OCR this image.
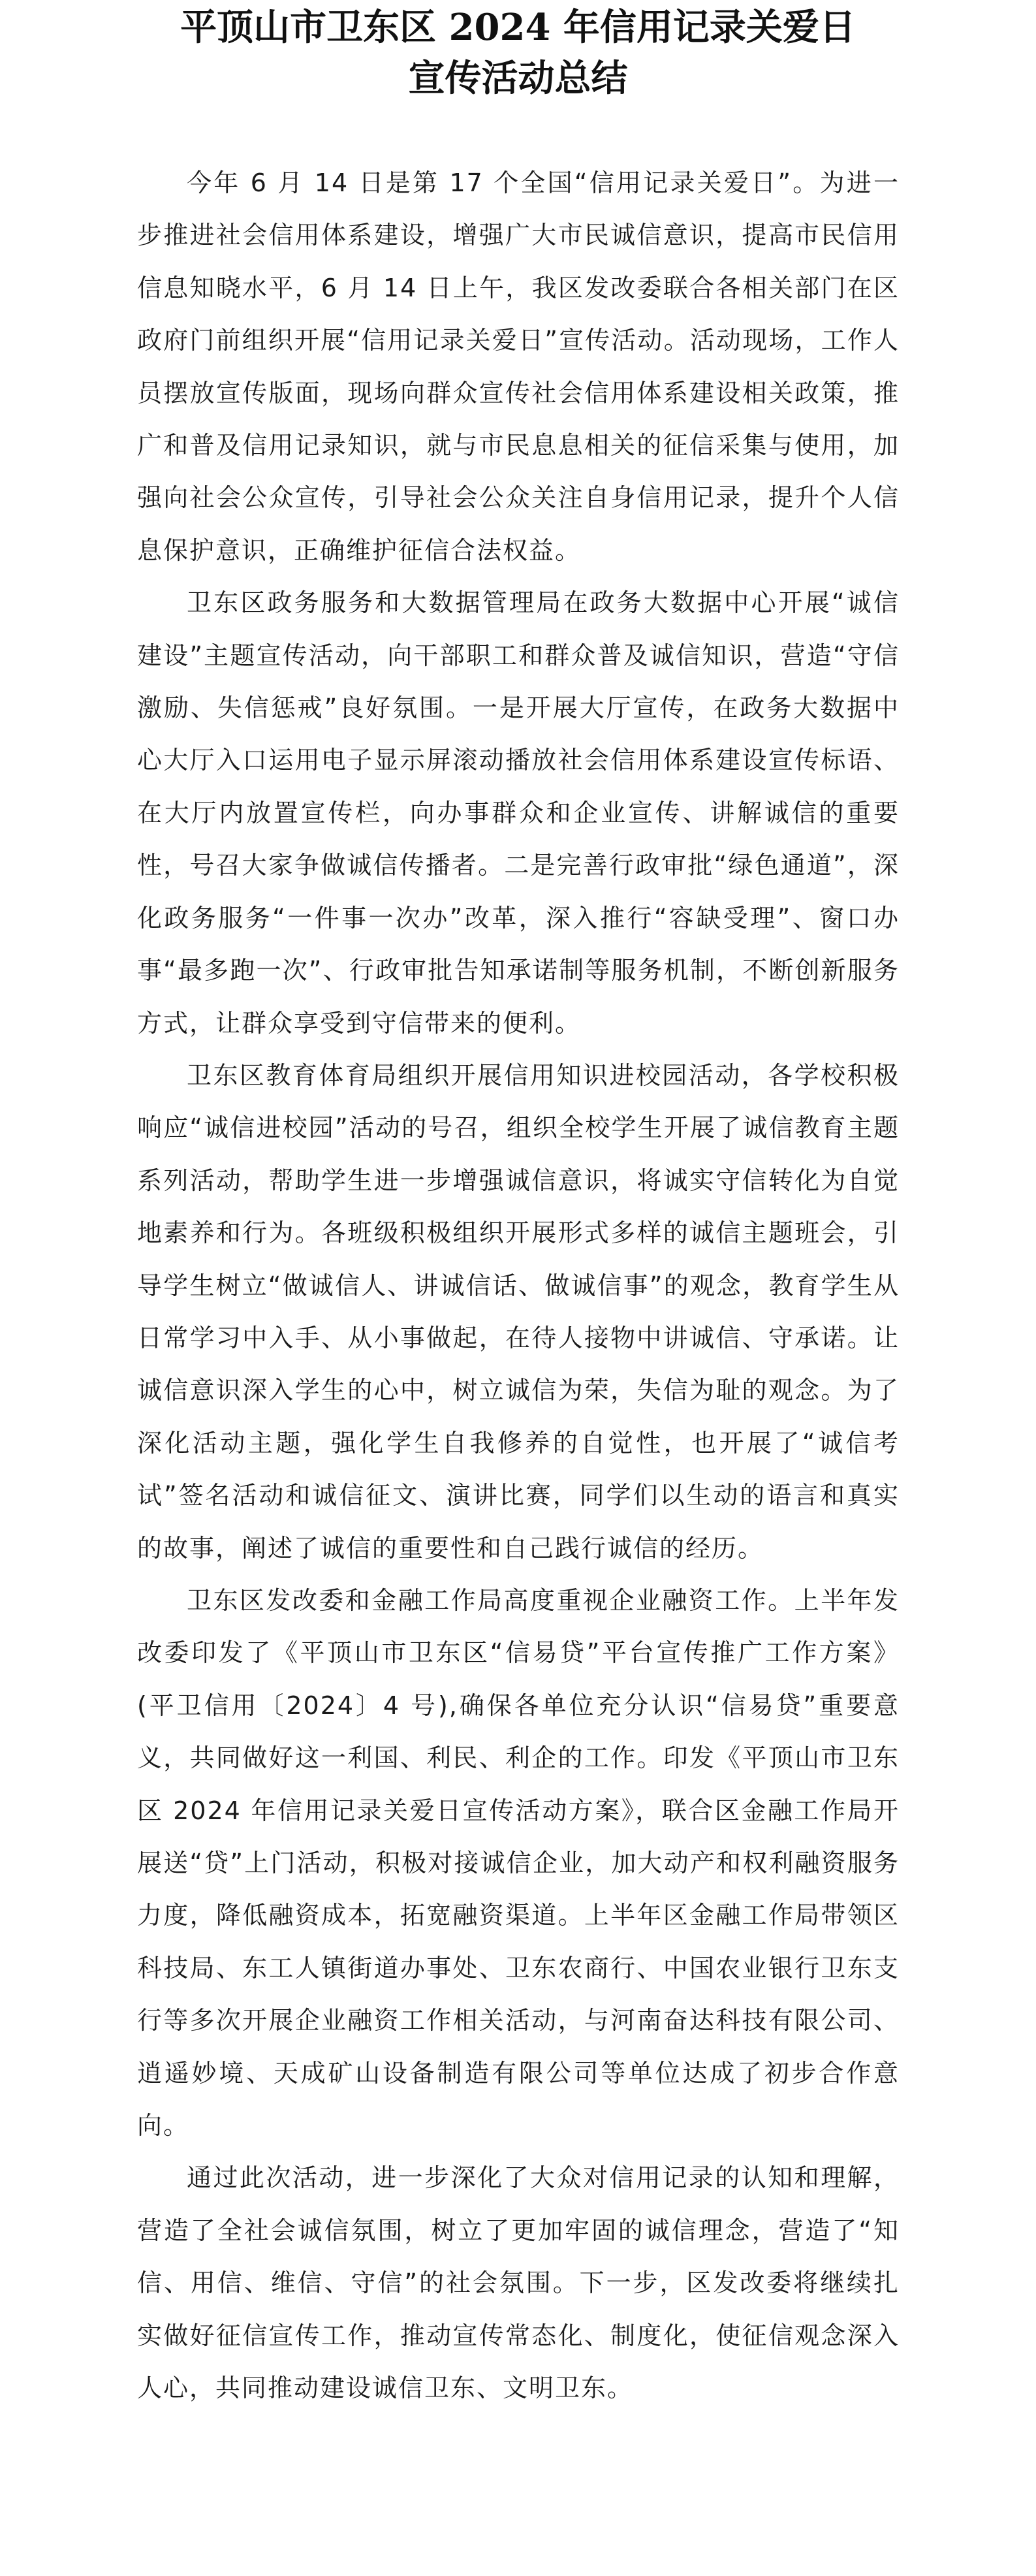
平顶山市卫东区 2024 年信用记录关爱日
宣传活动总结

今年 6 月 14 日是第 17 个全国“信用记录关爱日”。为进一步推进社会信用体系建设，增强广大市民诚信意识，提高市民信用信息知晓水平，6 月 14 日上午，我区发改委联合各相关部门在区政府门前组织开展“信用记录关爱日”宣传活动。活动现场，工作人员摆放宣传版面，现场向群众宣传社会信用体系建设相关政策，推广和普及信用记录知识，就与市民息息相关的征信采集与使用，加强向社会公众宣传，引导社会公众关注自身信用记录，提升个人信息保护意识，正确维护征信合法权益。

卫东区政务服务和大数据管理局在政务大数据中心开展“诚信建设”主题宣传活动，向干部职工和群众普及诚信知识，营造“守信激励、失信惩戒”良好氛围。一是开展大厅宣传，在政务大数据中心大厅入口运用电子显示屏滚动播放社会信用体系建设宣传标语、在大厅内放置宣传栏，向办事群众和企业宣传、讲解诚信的重要性，号召大家争做诚信传播者。二是完善行政审批“绿色通道”，深化政务服务“一件事一次办”改革，深入推行“容缺受理”、窗口办事“最多跑一次”、行政审批告知承诺制等服务机制，不断创新服务方式，让群众享受到守信带来的便利。

卫东区教育体育局组织开展信用知识进校园活动，各学校积极响应“诚信进校园”活动的号召，组织全校学生开展了诚信教育主题系列活动，帮助学生进一步增强诚信意识，将诚实守信转化为自觉地素养和行为。各班级积极组织开展形式多样的诚信主题班会，引导学生树立“做诚信人、讲诚信话、做诚信事”的观念，教育学生从日常学习中入手、从小事做起，在待人接物中讲诚信、守承诺。让诚信意识深入学生的心中，树立诚信为荣，失信为耻的观念。为了深化活动主题，强化学生自我修养的自觉性，也开展了“诚信考试”签名活动和诚信征文、演讲比赛，同学们以生动的语言和真实的故事，阐述了诚信的重要性和自己践行诚信的经历。

卫东区发改委和金融工作局高度重视企业融资工作。上半年发改委印发了《平顶山市卫东区“信易贷”平台宣传推广工作方案》(平卫信用〔2024〕4 号),确保各单位充分认识“信易贷”重要意义，共同做好这一利国、利民、利企的工作。印发《平顶山市卫东区 2024 年信用记录关爱日宣传活动方案》，联合区金融工作局开展送“贷”上门活动，积极对接诚信企业，加大动产和权利融资服务力度，降低融资成本，拓宽融资渠道。上半年区金融工作局带领区科技局、东工人镇街道办事处、卫东农商行、中国农业银行卫东支行等多次开展企业融资工作相关活动，与河南奋达科技有限公司、逍遥妙境、天成矿山设备制造有限公司等单位达成了初步合作意向。

通过此次活动，进一步深化了大众对信用记录的认知和理解，营造了全社会诚信氛围，树立了更加牢固的诚信理念，营造了“知信、用信、维信、守信”的社会氛围。下一步，区发改委将继续扎实做好征信宣传工作，推动宣传常态化、制度化，使征信观念深入人心，共同推动建设诚信卫东、文明卫东。
